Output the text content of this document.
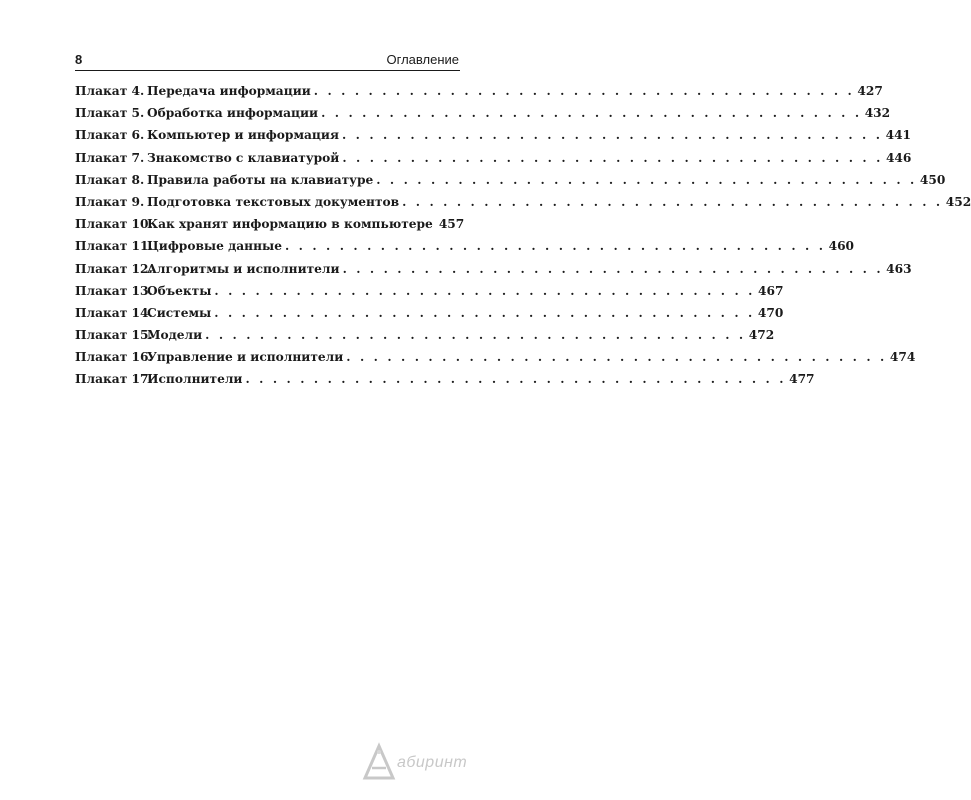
8	Оглавление
Плакат 4. Передача информации . . . . . . . . . . . . . . . . . . . . . . . . . . . . . . . . . . . . . . . . 427
Плакат 5. Обработка информации . . . . . . . . . . . . . . . . . . . . . . . . . . . . . . . . . . . . . . . . 432
Плакат 6. Компьютер и информация . . . . . . . . . . . . . . . . . . . . . . . . . . . . . . . . . . . . . . . . 441
Плакат 7. Знакомство с клавиатурой . . . . . . . . . . . . . . . . . . . . . . . . . . . . . . . . . . . . . . . . 446
Плакат 8. Правила работы на клавиатуре . . . . . . . . . . . . . . . . . . . . . . . . . . . . . . . . . . . . . . . . 450
Плакат 9. Подготовка текстовых документов . . . . . . . . . . . . . . . . . . . . . . . . . . . . . . . . . . . . . . . . 452
Плакат 10.
Как хранят информацию в компьютере 457
Плакат 11.
Цифровые данные . . . . . . . . . . . . . . . . . . . . . . . . . . . . . . . . . . . . . . . . 460
Плакат 12.
Алгоритмы и исполнители . . . . . . . . . . . . . . . . . . . . . . . . . . . . . . . . . . . . . . . . 463
Плакат 13.
Объекты . . . . . . . . . . . . . . . . . . . . . . . . . . . . . . . . . . . . . . . . 467
Плакат 14.
Системы . . . . . . . . . . . . . . . . . . . . . . . . . . . . . . . . . . . . . . . . 470
Плакат 15.
Модели . . . . . . . . . . . . . . . . . . . . . . . . . . . . . . . . . . . . . . . . 472
Плакат 16.
Управление и исполнители . . . . . . . . . . . . . . . . . . . . . . . . . . . . . . . . . . . . . . . . 474
Плакат 17.
Исполнители . . . . . . . . . . . . . . . . . . . . . . . . . . . . . . . . . . . . . . . . 477
абиринт
